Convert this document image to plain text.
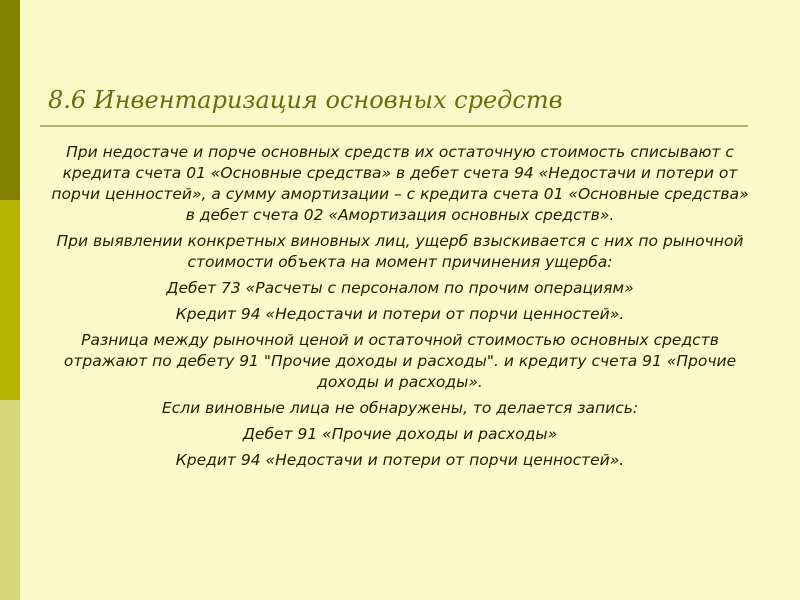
8.6 Инвентаризация основных средств

При недостаче и порче основных средств их остаточную стоимость списывают с кредита счета 01 «Основные средства» в дебет счета 94 «Недостачи и потери от порчи ценностей», а сумму амортизации – с кредита счета 01 «Основные средства» в дебет счета 02 «Амортизация основных средств».

При выявлении конкретных виновных лиц, ущерб взыскивается с них по рыночной стоимости объекта на момент причинения ущерба:

Дебет 73 «Расчеты с персоналом по прочим операциям»

Кредит 94 «Недостачи и потери от порчи ценностей».

Разница между рыночной ценой и остаточной стоимостью основных средств отражают по дебету 91 "Прочие доходы и расходы". и кредиту счета 91 «Прочие доходы и расходы».

Если виновные лица не обнаружены, то делается запись:

Дебет 91 «Прочие доходы и расходы»

Кредит 94 «Недостачи и потери от порчи ценностей».
